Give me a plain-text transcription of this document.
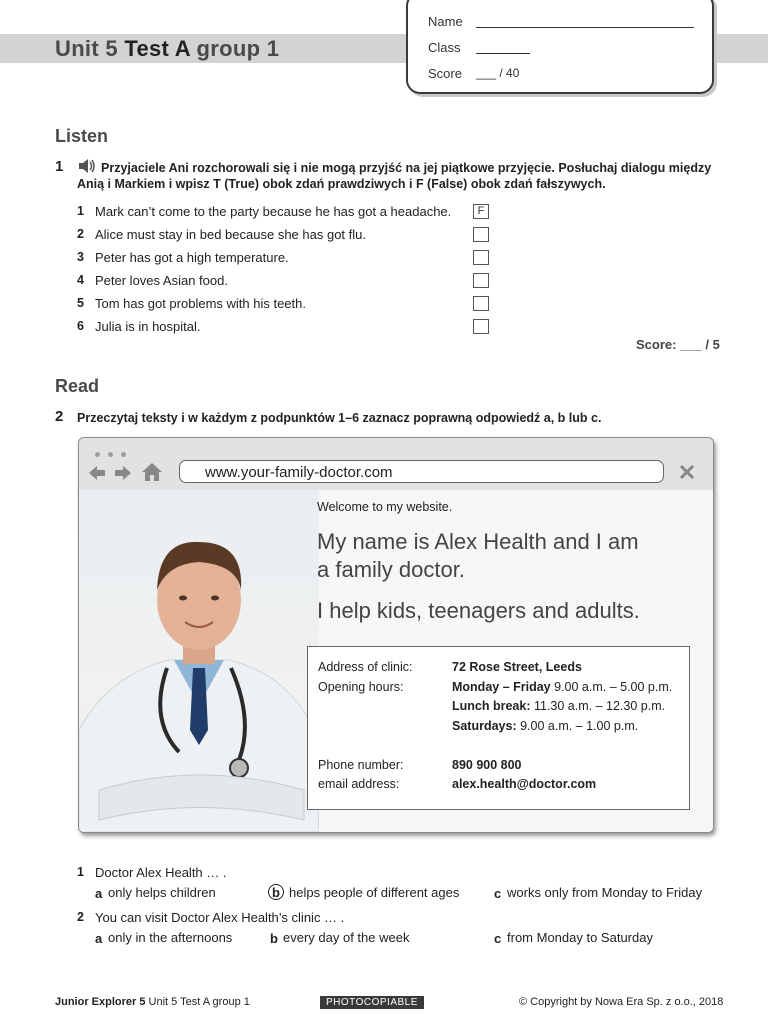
Unit 5 Test A group 1
Name
Class
Score ___ / 40
Listen
1	Przyjaciele Ani rozchorowali się i nie mogą przyjść na jej piątkowe przyjęcie. Posłuchaj dialogu między Anią i Markiem i wpisz T (True) obok zdań prawdziwych i F (False) obok zdań fałszywych.
1 Mark can’t come to the party because he has got a headache.	F
2 Alice must stay in bed because she has got flu.
3 Peter has got a high temperature.
4 Peter loves Asian food.
5 Tom has got problems with his teeth.
6 Julia is in hospital.
Score: ___ / 5
Read
2 Przeczytaj teksty i w każdym z podpunktów 1–6 zaznacz poprawną odpowiedź a, b lub c.
www.your-family-doctor.com
Welcome to my website.
My name is Alex Health and I am
a family doctor.
I help kids, teenagers and adults.
Address of clinic:	72 Rose Street, Leeds
Opening hours:	Monday – Friday 9.00 a.m. – 5.00 p.m.
Lunch break: 11.30 a.m. – 12.30 p.m.
Saturdays: 9.00 a.m. – 1.00 p.m.
Phone number:	890 900 800
email address:	alex.health@doctor.com
1 Doctor Alex Health … .
a only helps children	b helps people of different ages	c works only from Monday to Friday
2 You can visit Doctor Alex Health’s clinic … .
a only in the afternoons	b every day of the week	c from Monday to Saturday
Junior Explorer 5 Unit 5 Test A group 1	PHOTOCOPIABLE	© Copyright by Nowa Era Sp. z o.o., 2018
